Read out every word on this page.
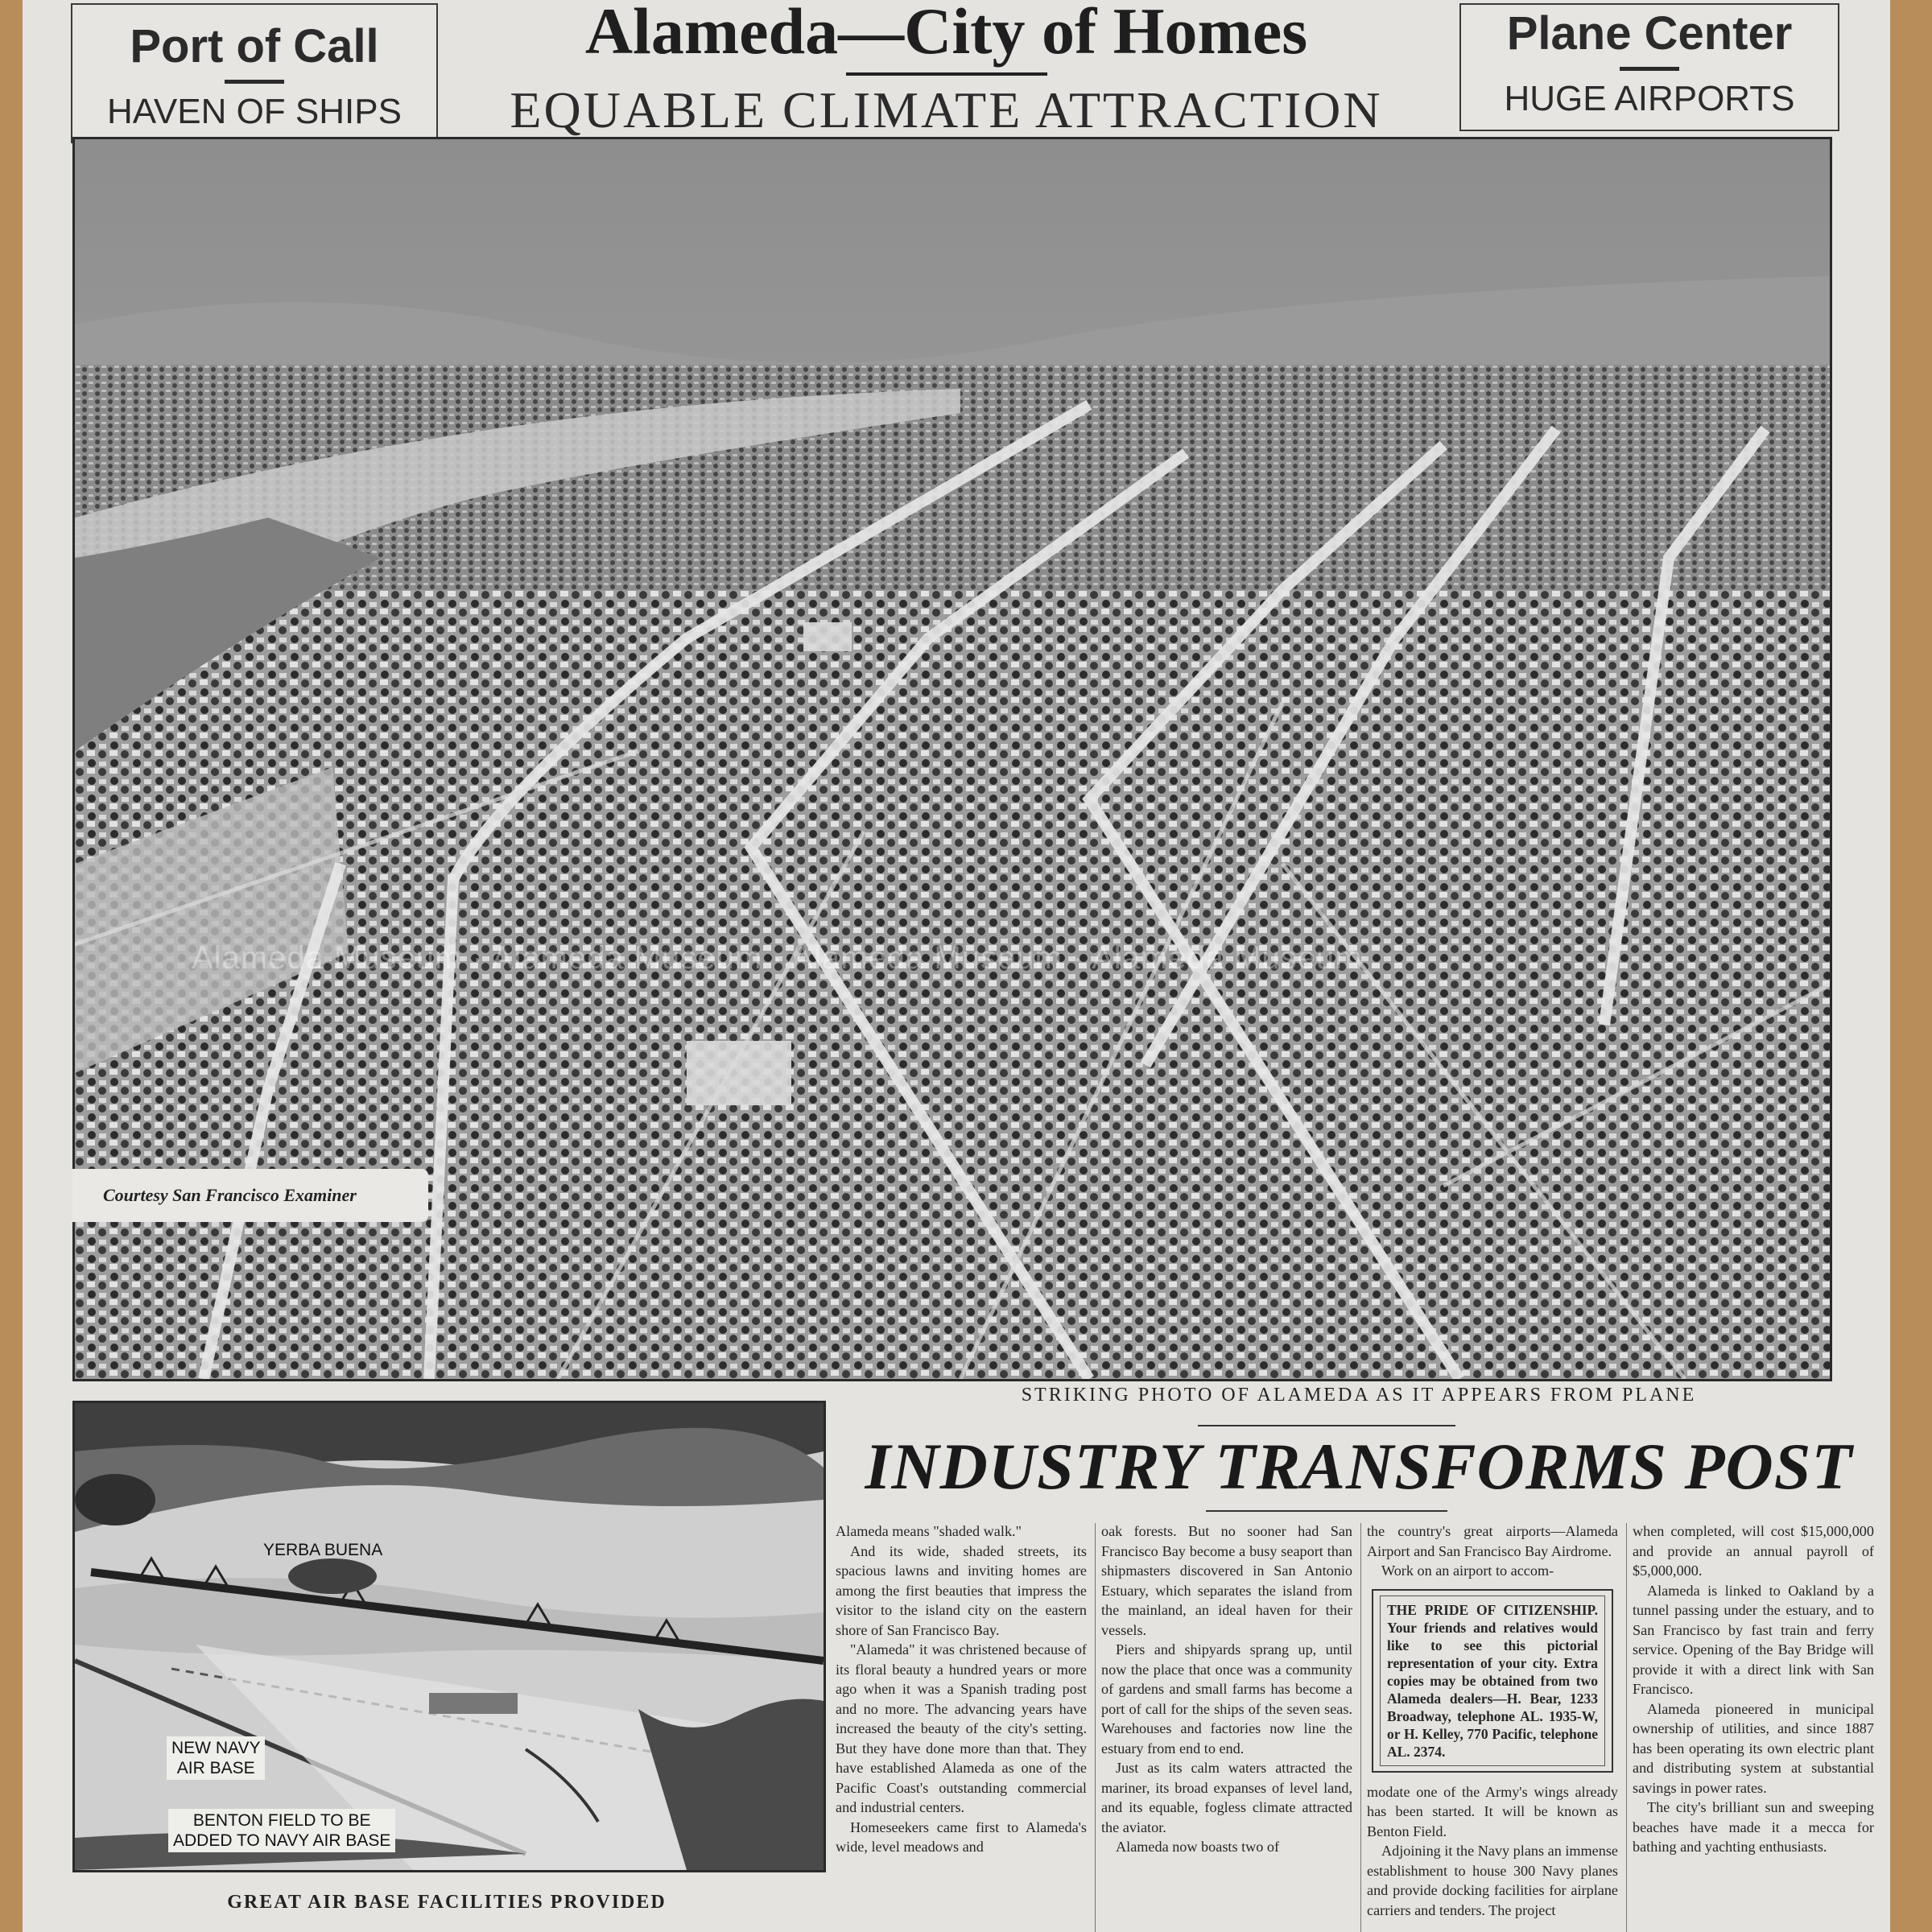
Port of Call
HAVEN OF SHIPS
Alameda—City of Homes
EQUABLE CLIMATE ATTRACTION
Plane Center
HUGE AIRPORTS
Alameda Museum · Alameda Museum · Alameda Museum · Alameda Museum
Courtesy San Francisco Examiner
YERBA BUENA
NEW NAVY
AIR BASE
BENTON FIELD TO BE
ADDED TO NAVY AIR BASE
GREAT AIR BASE FACILITIES PROVIDED
STRIKING PHOTO OF ALAMEDA AS IT APPEARS FROM PLANE
INDUSTRY TRANSFORMS POST

Alameda means "shaded walk."

And its wide, shaded streets, its spacious lawns and inviting homes are among the first beauties that impress the visitor to the island city on the eastern shore of San Francisco Bay.

"Alameda" it was christened because of its floral beauty a hundred years or more ago when it was a Spanish trading post and no more. The advancing years have increased the beauty of the city's setting. But they have done more than that. They have established Alameda as one of the Pacific Coast's outstanding commercial and industrial centers.

Homeseekers came first to Alameda's wide, level meadows and

oak forests. But no sooner had San Francisco Bay become a busy seaport than shipmasters discovered in San Antonio Estuary, which separates the island from the mainland, an ideal haven for their vessels.

Piers and shipyards sprang up, until now the place that once was a community of gardens and small farms has become a port of call for the ships of the seven seas. Warehouses and factories now line the estuary from end to end.

Just as its calm waters attracted the mariner, its broad expanses of level land, and its equable, fogless climate attracted the aviator.

Alameda now boasts two of

the country's great airports—Alameda Airport and San Francisco Bay Airdrome.

Work on an airport to accom-

THE PRIDE OF CITIZENSHIP. Your friends and relatives would like to see this pictorial representation of your city. Extra copies may be obtained from two Alameda dealers—H. Bear, 1233 Broadway, telephone AL. 1935-W, or H. Kelley, 770 Pacific, telephone AL. 2374.

modate one of the Army's wings already has been started. It will be known as Benton Field.

Adjoining it the Navy plans an immense establishment to house 300 Navy planes and provide docking facilities for airplane carriers and tenders. The project

when completed, will cost $15,000,000 and provide an annual payroll of $5,000,000.

Alameda is linked to Oakland by a tunnel passing under the estuary, and to San Francisco by fast train and ferry service. Opening of the Bay Bridge will provide it with a direct link with San Francisco.

Alameda pioneered in municipal ownership of utilities, and since 1887 has been operating its own electric plant and distributing system at substantial savings in power rates.

The city's brilliant sun and sweeping beaches have made it a mecca for bathing and yachting enthusiasts.
